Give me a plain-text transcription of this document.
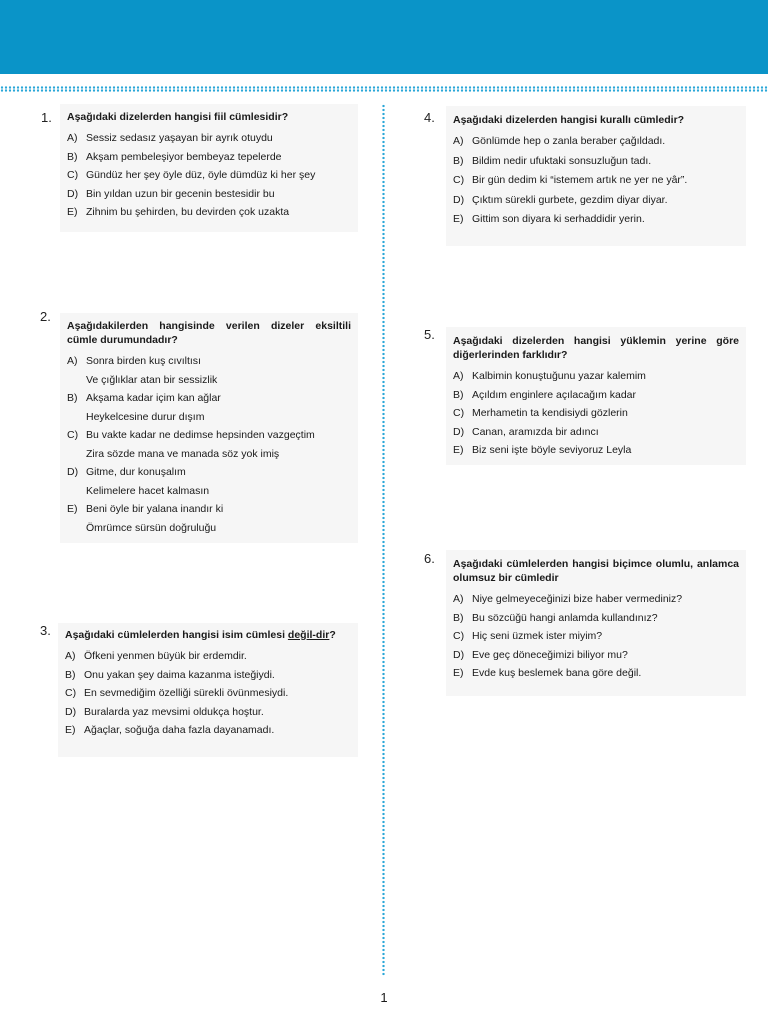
1. Aşağıdaki dizelerden hangisi fiil cümlesidir?

A) Sessiz sedasız yaşayan bir ayrık otuydu
B) Akşam pembeleşiyor bembeyaz tepelerde
C) Gündüz her şey öyle düz, öyle dümdüz ki her şey
D) Bin yıldan uzun bir gecenin bestesidir bu
E) Zihnim bu şehirden, bu devirden çok uzakta
2.

Aşağıdakilerden hangisinde verilen dizeler eksiltili cümle durumundadır?

A) Sonra birden kuş cıvıltısı
Ve çığlıklar atan bir sessizlik
B) Akşama kadar içim kan ağlar
Heykelcesine durur dışım
C) Bu vakte kadar ne dedimse hepsinden vazgeçtim
Zira sözde mana ve manada söz yok imiş
D) Gitme, dur konuşalım
Kelimelere hacet kalmasın
E) Beni öyle bir yalana inandır ki
Ömrümce sürsün doğruluğu
3. Aşağıdaki cümlelerden hangisi isim cümlesi değil-dir?

A) Öfkeni yenmen büyük bir erdemdir.
B) Onu yakan şey daima kazanma isteğiydi.
C) En sevmediğim özelliği sürekli övünmesiydi.
D) Buralarda yaz mevsimi oldukça hoştur.
E) Ağaçlar, soğuğa daha fazla dayanamadı.
4. Aşağıdaki dizelerden hangisi kurallı cümledir?

A) Gönlümde hep o zanla beraber çağıldadı.
B) Bildim nedir ufuktaki sonsuzluğun tadı.
C) Bir gün dedim ki “istemem artık ne yer ne yâr”.
D) Çıktım sürekli gurbete, gezdim diyar diyar.
E) Gittim son diyara ki serhaddidir yerin.
5. Aşağıdaki dizelerden hangisi yüklemin yerine göre diğerlerinden farklıdır?

A) Kalbimin konuştuğunu yazar kalemim
B) Açıldım enginlere açılacağım kadar
C) Merhametin ta kendisiydi gözlerin
D) Canan, aramızda bir adıncı
E) Biz seni işte böyle seviyoruz Leyla
6. Aşağıdaki cümlelerden hangisi biçimce olumlu, anlamca olumsuz bir cümledir

A) Niye gelmeyeceğinizi bize haber vermediniz?
B) Bu sözcüğü hangi anlamda kullandınız?
C) Hiç seni üzmek ister miyim?
D) Eve geç döneceğimizi biliyor mu?
E) Evde kuş beslemek bana göre değil.
1
